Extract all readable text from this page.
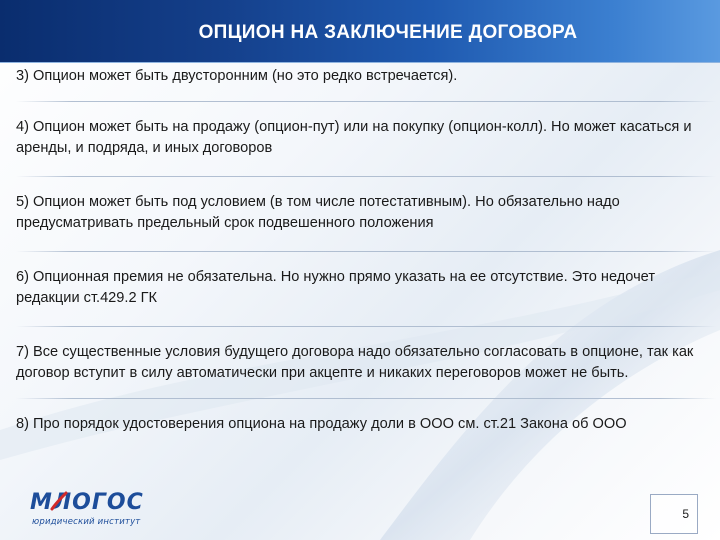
ОПЦИОН НА ЗАКЛЮЧЕНИЕ ДОГОВОРА

3) Опцион может быть двусторонним (но это редко встречается).

4) Опцион может быть на продажу (опцион-пут) или на покупку (опцион-колл). Но может касаться и аренды, и подряда, и иных договоров

5) Опцион может быть под условием (в том числе потестативным). Но обязательно надо предусматривать предельный срок подвешенного положения

6) Опционная премия не обязательна. Но нужно прямо указать на ее отсутствие. Это недочет редакции ст.429.2 ГК

7) Все существенные условия будущего договора надо обязательно согласовать в опционе, так как договор вступит в силу автоматически при акцепте и никаких переговоров может не быть.

8) Про порядок удостоверения опциона на продажу доли в ООО см. ст.21 Закона об ООО

МЛОГОС
юридический институт
5
